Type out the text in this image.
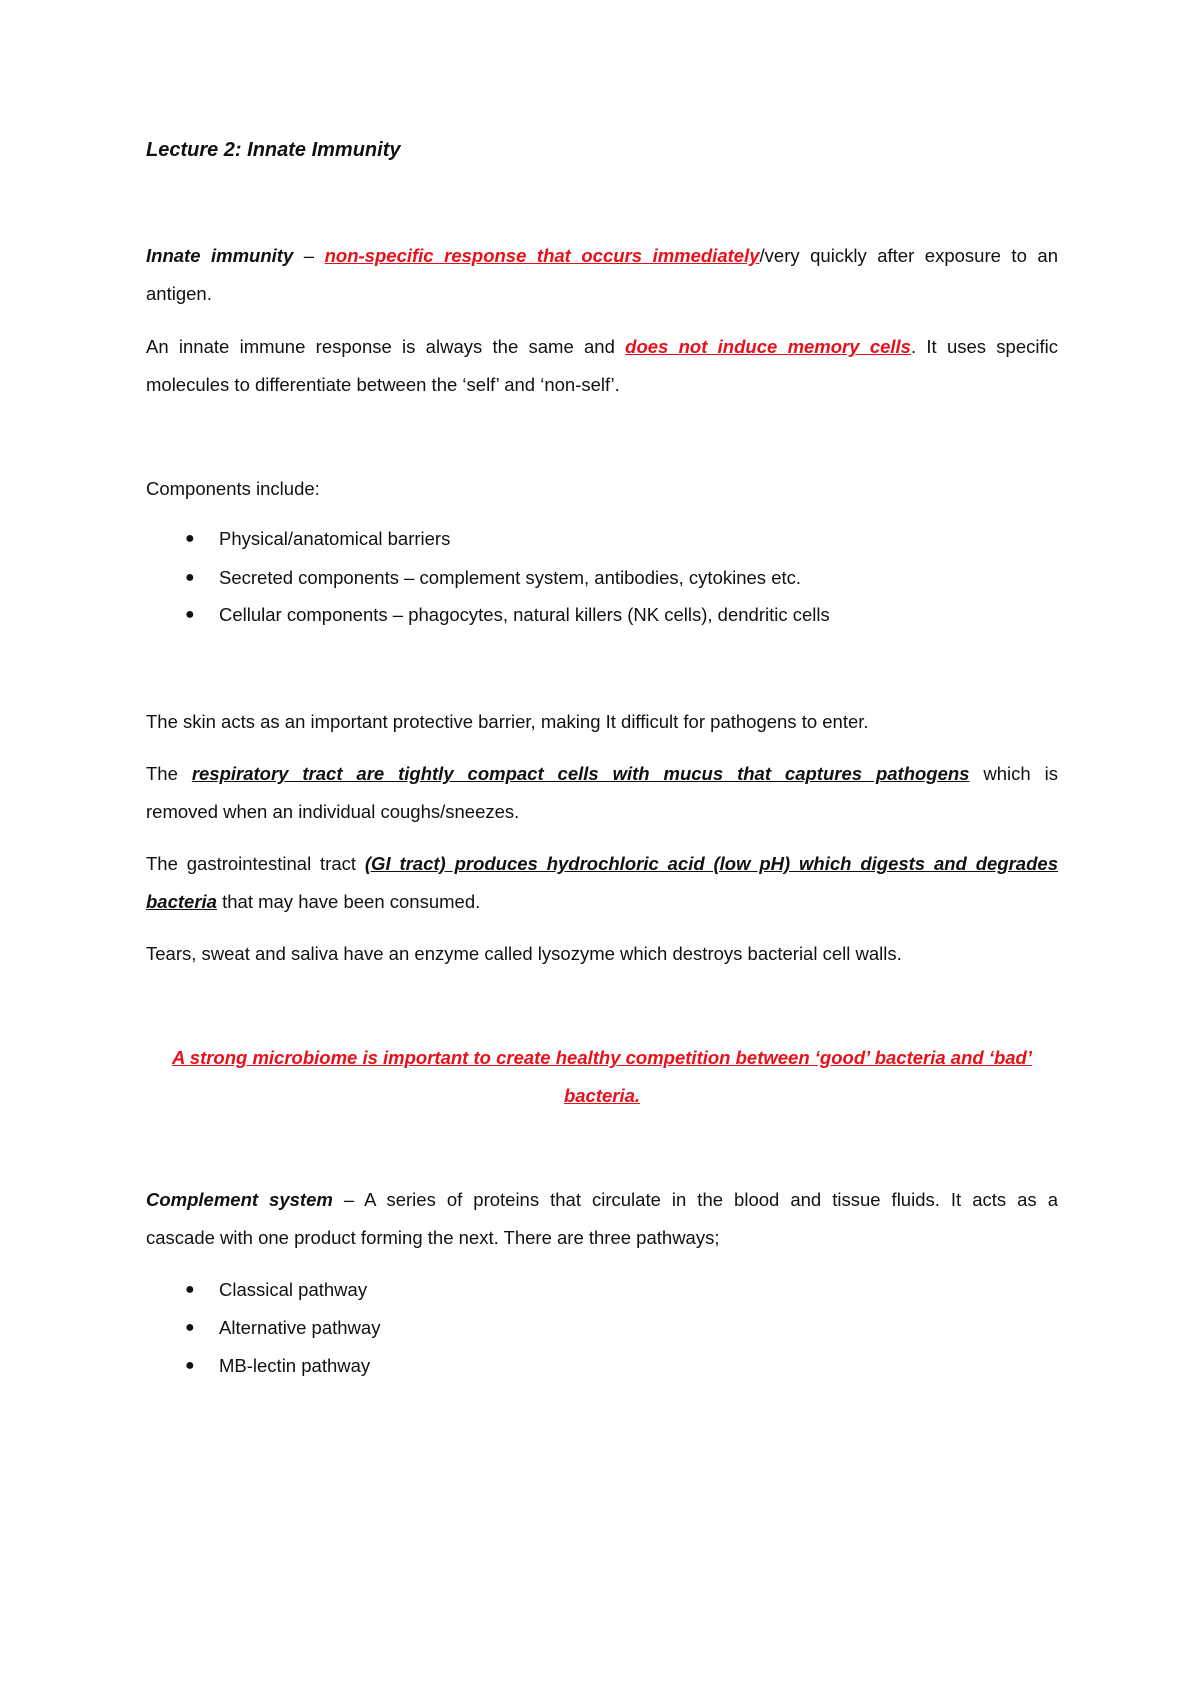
Lecture 2: Innate Immunity
Innate immunity – non-specific response that occurs immediately/very quickly after exposure to an
antigen.
An innate immune response is always the same and does not induce memory cells. It uses specific
molecules to differentiate between the ‘self’ and ‘non-self’.
Components include:
● Physical/anatomical barriers
● Secreted components – complement system, antibodies, cytokines etc.
● Cellular components – phagocytes, natural killers (NK cells), dendritic cells
The skin acts as an important protective barrier, making It difficult for pathogens to enter.
The respiratory tract are tightly compact cells with mucus that captures pathogens which is
removed when an individual coughs/sneezes.
The gastrointestinal tract (GI tract) produces hydrochloric acid (low pH) which digests and degrades
bacteria that may have been consumed.
Tears, sweat and saliva have an enzyme called lysozyme which destroys bacterial cell walls.
A strong microbiome is important to create healthy competition between ‘good’ bacteria and ‘bad’
bacteria.
Complement system – A series of proteins that circulate in the blood and tissue fluids. It acts as a
cascade with one product forming the next. There are three pathways;
● Classical pathway
● Alternative pathway
● MB-lectin pathway
